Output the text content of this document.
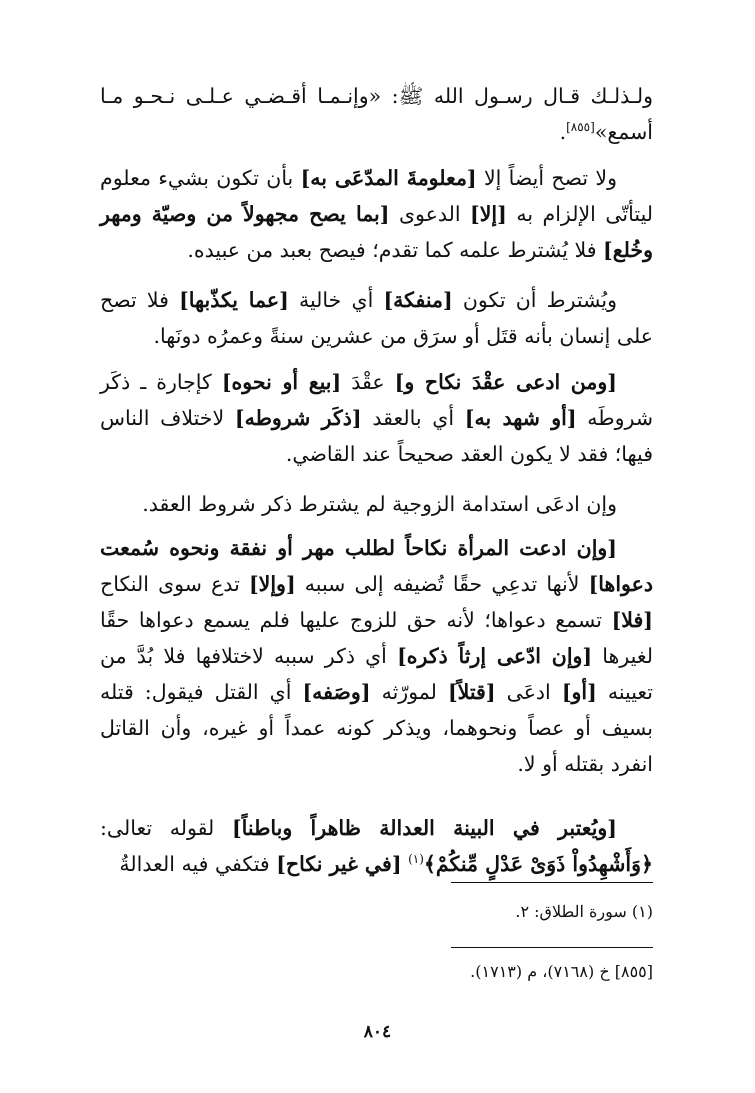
ولـذلـك قـال رسـول الله ﷺ: «وإنـمـا أقـضـي عـلـى نـحـو مـا أسمع»[٨٥٥].

ولا تصح أيضاً إلا [معلومةَ المدّعَى به] بأن تكون بشيء معلوم ليتأتّى الإلزام به [إلا] الدعوى [بما يصح مجهولاً من وصيّة ومهر وخُلع] فلا يُشترط علمه كما تقدم؛ فيصح بعبد من عبيده.

ويُشترط أن تكون [منفكة] أي خالية [عما يكذّبها] فلا تصح على إنسان بأنه قتَل أو سرَق من عشرين سنةً وعمرُه دونَها.

[ومن ادعى عقْدَ نكاح و] عقْدَ [بيع أو نحوه] كإجارة ـ ذكَر شروطَه [أو شهد به] أي بالعقد [ذكَر شروطه] لاختلاف الناس فيها؛ فقد لا يكون العقد صحيحاً عند القاضي.

وإن ادعَى استدامة الزوجية لم يشترط ذكر شروط العقد.

[وإن ادعت المرأة نكاحاً لطلب مهر أو نفقة ونحوه سُمعت دعواها] لأنها تدعِي حقًا تُضيفه إلى سببه [وإلا] تدع سوى النكاح [فلا] تسمع دعواها؛ لأنه حق للزوج عليها فلم يسمع دعواها حقًا لغيرها [وإن ادّعى إرثاً ذكره] أي ذكر سببه لاختلافها فلا بُدَّ من تعيينه [أو] ادعَى [قتلاً] لمورّثه [وصَفه] أي القتل فيقول: قتله بسيف أو عصاً ونحوهما، ويذكر كونه عمداً أو غيره، وأن القاتل انفرد بقتله أو لا.

[ويُعتبر في البينة العدالة ظاهراً وباطناً] لقوله تعالى: ﴿وَأَشْهِدُواْ ذَوَىْ عَدْلٍ مِّنكُمْ﴾$^{(١)}$ [في غير نكاح] فتكفي فيه العدالةُ

(١) سورة الطلاق: ٢.

[٨٥٥] خ (٧١٦٨)، م (١٧١٣).

٨٠٤
